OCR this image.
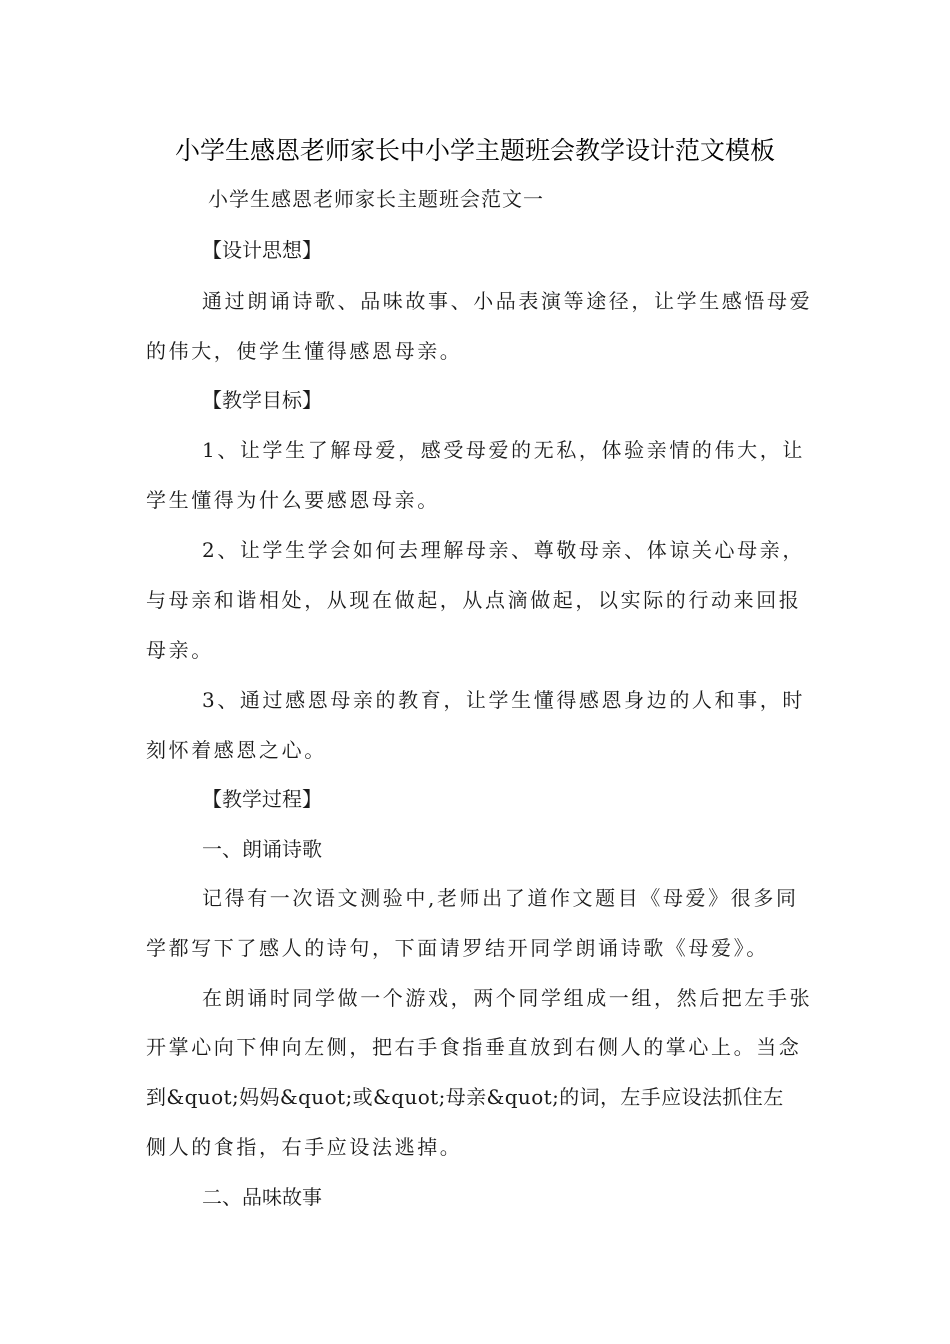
小学生感恩老师家长中小学主题班会教学设计范文模板
小学生感恩老师家长主题班会范文一
【设计思想】
通过朗诵诗歌、品味故事、小品表演等途径，让学生感悟母爱
的伟大，使学生懂得感恩母亲。
【教学目标】
1、让学生了解母爱，感受母爱的无私，体验亲情的伟大，让
学生懂得为什么要感恩母亲。
2、让学生学会如何去理解母亲、尊敬母亲、体谅关心母亲，
与母亲和谐相处，从现在做起，从点滴做起，以实际的行动来回报
母亲。
3、通过感恩母亲的教育，让学生懂得感恩身边的人和事，时
刻怀着感恩之心。
【教学过程】
一、朗诵诗歌
记得有一次语文测验中,老师出了道作文题目《母爱》很多同
学都写下了感人的诗句，下面请罗结开同学朗诵诗歌《母爱》。
在朗诵时同学做一个游戏，两个同学组成一组，然后把左手张
开掌心向下伸向左侧，把右手食指垂直放到右侧人的掌心上。当念
到&quot;妈妈&quot;或&quot;母亲&quot;的词，左手应设法抓住左
侧人的食指，右手应设法逃掉。
二、品味故事
